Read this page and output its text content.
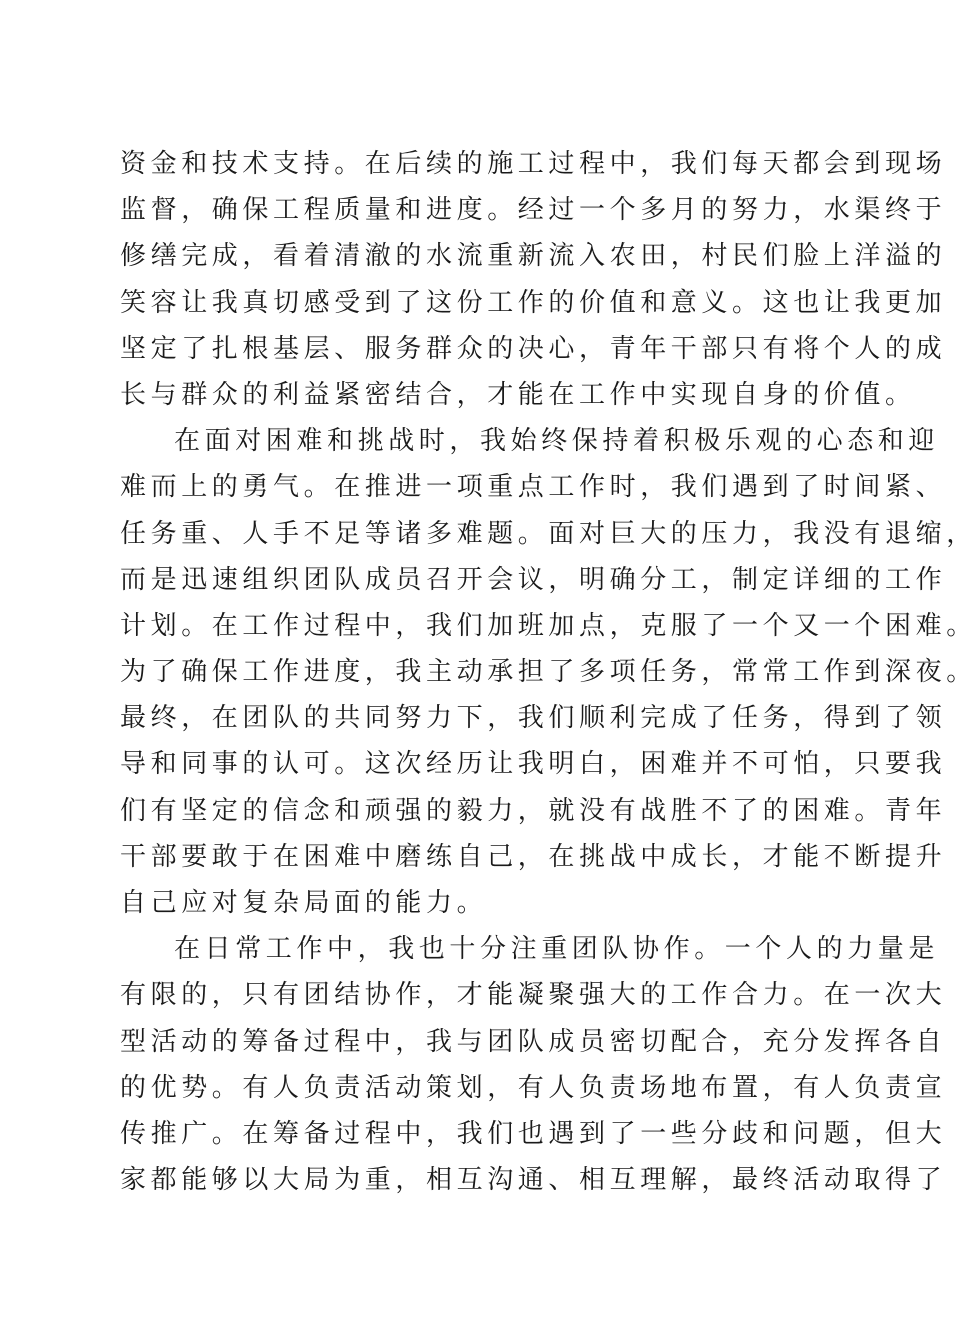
资金和技术支持。在后续的施工过程中，我们每天都会到现场
监督，确保工程质量和进度。经过一个多月的努力，水渠终于
修缮完成，看着清澈的水流重新流入农田，村民们脸上洋溢的
笑容让我真切感受到了这份工作的价值和意义。这也让我更加
坚定了扎根基层、服务群众的决心，青年干部只有将个人的成
长与群众的利益紧密结合，才能在工作中实现自身的价值。
在面对困难和挑战时，我始终保持着积极乐观的心态和迎
难而上的勇气。在推进一项重点工作时，我们遇到了时间紧、
任务重、人手不足等诸多难题。面对巨大的压力，我没有退缩，
而是迅速组织团队成员召开会议，明确分工，制定详细的工作
计划。在工作过程中，我们加班加点，克服了一个又一个困难。
为了确保工作进度，我主动承担了多项任务，常常工作到深夜。
最终，在团队的共同努力下，我们顺利完成了任务，得到了领
导和同事的认可。这次经历让我明白，困难并不可怕，只要我
们有坚定的信念和顽强的毅力，就没有战胜不了的困难。青年
干部要敢于在困难中磨练自己，在挑战中成长，才能不断提升
自己应对复杂局面的能力。
在日常工作中，我也十分注重团队协作。一个人的力量是
有限的，只有团结协作，才能凝聚强大的工作合力。在一次大
型活动的筹备过程中，我与团队成员密切配合，充分发挥各自
的优势。有人负责活动策划，有人负责场地布置，有人负责宣
传推广。在筹备过程中，我们也遇到了一些分歧和问题，但大
家都能够以大局为重，相互沟通、相互理解，最终活动取得了
